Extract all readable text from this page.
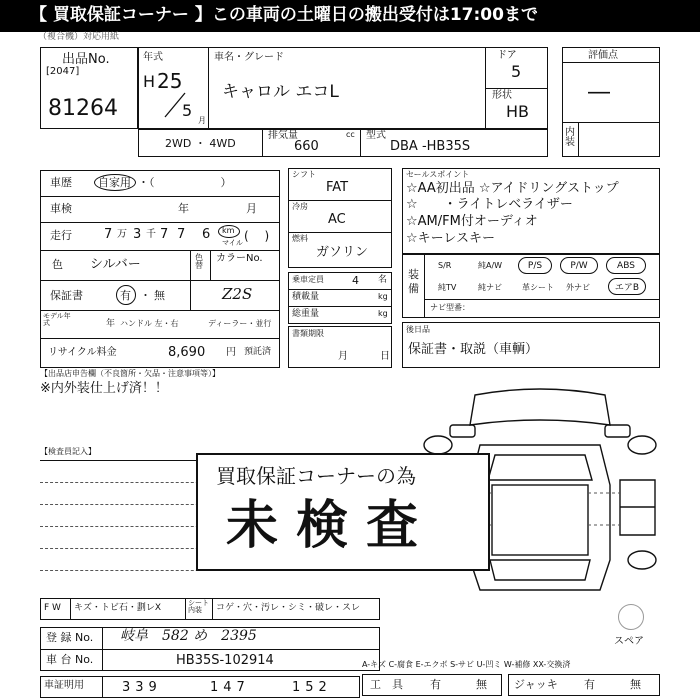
【 買取保証コーナー 】この車両の土曜日の搬出受付は17:00まで
（複合機）対応用紙
出品No.
[2047]
81264
年式
H 25
5
月
車名・グレード
キャロル エコL
ドア
5
形状
HB
評価点
―
内装
2WD ・ 4WD
排気量
660
cc 型式
DBA -HB35S
車歴 自家用 ・（　　　　　　）
車検	年	月
走行 7 万 3 千 7 7 6 km
マイル (　 )
色 シルバー	色替
カラーNo.
Z2S
保証書	有 ・ 無
モデル年式	年 ハンドル 左・右	ディーラー・並行
リサイクル料金	8,690 円 預託済
シフト
FAT
冷房
AC
燃料
ガソリン
乗車定員	4 名
積載量	kg
総重量	kg
書類期限
月	日
セールスポイント
☆AA初出品 ☆アイドリングストップ
☆　　・ライトレベライザー
☆AM/FM付オーディオ
☆キーレスキー
装備
S/R	純A/W	P/S	P/W	ABS
純TV	純ナビ	革シート 外ナビ	エアB
ナビ型番：
後日品
保証書・取説（車輌）
【出品店申告欄（不良箇所・欠品・注意事項等）】
※内外装仕上げ済！！
【検査員記入】
買取保証コーナーの為
未検査
F W キズ・トビ石・劃レX	シート内装	コゲ・穴・汚レ・シミ・破レ・スレ
登 録 No. 岐阜　582 め　2395
車 台 No.	HB35S-102914
車証明用	339	147	152
スペア
A-キズ C-腐食 E-エクボ S-サビ U-凹ミ W-補修 XX-交換済
工　具 有	無 ジャッキ 有	無
